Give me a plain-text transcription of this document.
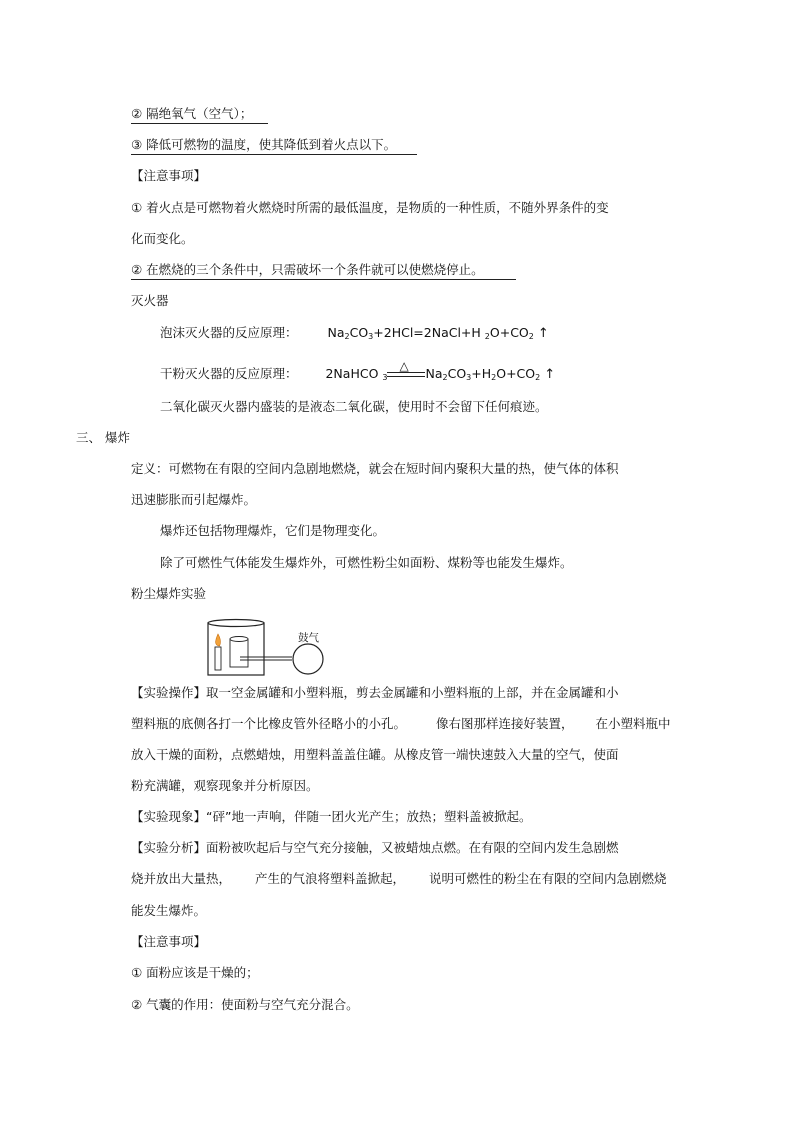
② 隔绝氧气（空气）；
③ 降低可燃物的温度，使其降低到着火点以下。
【注意事项】
① 着火点是可燃物着火燃烧时所需的最低温度，是物质的一种性质，不随外界条件的变
化而变化。
② 在燃烧的三个条件中，只需破坏一个条件就可以使燃烧停止。
灭火器
泡沫灭火器的反应原理： $Na_2CO_3+2HCl=2NaCl+H$ $_2O+CO_2$ ↑
干粉灭火器的反应原理： 2NaHCO $_3$
△
$Na_2CO_3+H_2O+CO_2$ ↑
二氧化碳灭火器内盛装的是液态二氧化碳，使用时不会留下任何痕迹。
三、 爆炸
定义：可燃物在有限的空间内急剧地燃烧，就会在短时间内聚积大量的热，使气体的体积
迅速膨胀而引起爆炸。
爆炸还包括物理爆炸，它们是物理变化。
除了可燃性气体能发生爆炸外，可燃性粉尘如面粉、煤粉等也能发生爆炸。
粉尘爆炸实验
鼓气
【实验操作】取一空金属罐和小塑料瓶，剪去金属罐和小塑料瓶的上部，并在金属罐和小
塑料瓶的底侧各打一个比橡皮管外径略小的小孔。 像右图那样连接好装置， 在小塑料瓶中
放入干燥的面粉，点燃蜡烛，用塑料盖盖住罐。从橡皮管一端快速鼓入大量的空气，使面
粉充满罐，观察现象并分析原因。
【实验现象】“砰”地一声响，伴随一团火光产生；放热；塑料盖被掀起。
【实验分析】面粉被吹起后与空气充分接触，又被蜡烛点燃。在有限的空间内发生急剧燃
烧并放出大量热， 产生的气浪将塑料盖掀起， 说明可燃性的粉尘在有限的空间内急剧燃烧
能发生爆炸。
【注意事项】
① 面粉应该是干燥的；
② 气囊的作用：使面粉与空气充分混合。
